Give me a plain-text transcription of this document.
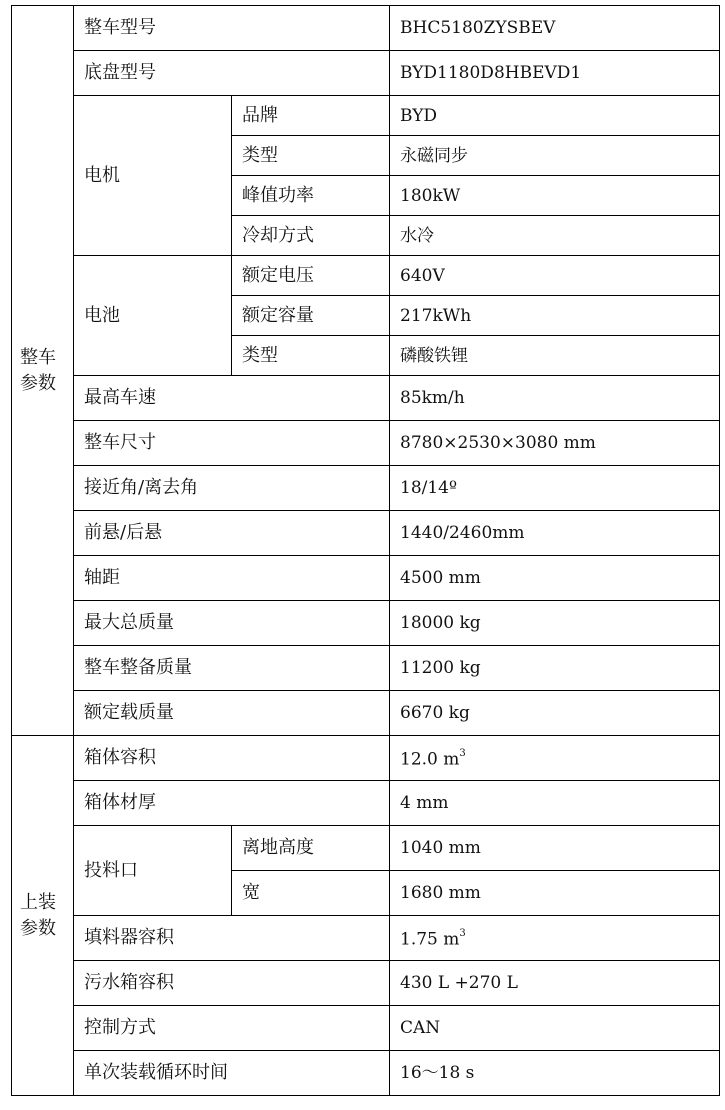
整车参数	整车型号		BHC5180ZYSBEV
	底盘型号		BYD1180D8HBEVD1
	电机	品牌	BYD
		类型	永磁同步
		峰值功率	180kW
		冷却方式	水冷
	电池	额定电压	640V
		额定容量	217kWh
		类型	磷酸铁锂
	最高车速		85km/h
	整车尺寸		8780×2530×3080 mm
	接近角/离去角		18/14º
	前悬/后悬		1440/2460mm
	轴距		4500 mm
	最大总质量		18000 kg
	整车整备质量		11200 kg
	额定载质量		6670 kg
上装参数	箱体容积		12.0 $m^3$
	箱体材厚		4 mm
	投料口	离地高度	1040 mm
		宽	1680 mm
	填料器容积		1.75 $m^3$
	污水箱容积		430 L +270 L
	控制方式		CAN
	单次装载循环时间		16～18 s
